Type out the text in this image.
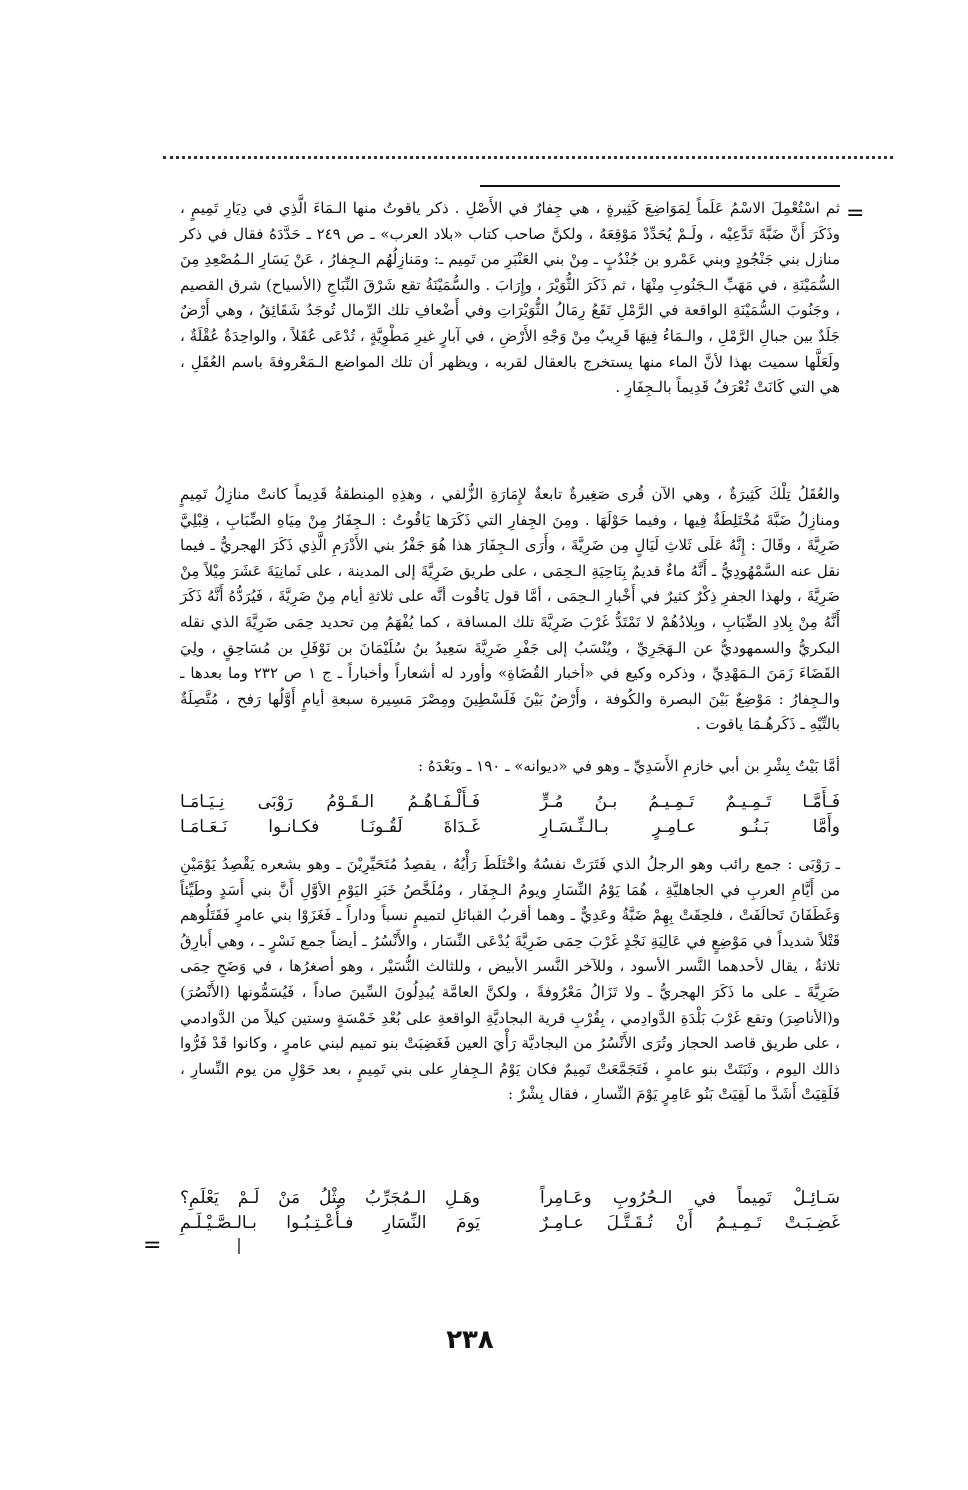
=

ثم اسْتُعْمِلَ الاسْمُ عَلَماً لِمَوَاضِعَ كَثِيرةٍ ، هي جِفارٌ في الأَصْلِ . ذكر ياقوتُ منها الـمَاءَ الَّذِي في دِيَارِ تَمِيمٍ ، وذَكَرَ أَنَّ ضَبَّةَ تَدَّعِيْه ، ولَـمْ يُحَدِّدْ مَوْقِعَهُ ، ولكنَّ صاحب كتاب «بلاد العرب» ـ ص ٢٤٩ ـ حَدَّدَهُ فقال في ذكر منازل بني جَنْجُودٍ وبني عَمْرو بن جُنْدُبٍ ـ مِنْ بني العَنْبَرِ من تَمِيم ـ: ومَنازِلُهُم الـجِفارُ ، عَنْ يَسَارِ الـمُصْعِدِ مِنَ السُّمَيْنَةِ ، في مَهَبِّ الـجَنُوبِ مِنْهَا ، ثم ذَكَرَ الثُّوَيْرَ ، وإِرَابَ . والسُّمَيْنَةُ تقع شَرْقَ النِّبَاجِ (الأسياح) شرق القصيم ، وجَنُوبَ السُّمَيْنَةِ الواقعة في الرَّمْلِ تَقَعُ رِمَالُ الثُّوَيْرَاتِ وفي أَضْعافِ تلك الرِّمال تُوجَدُ شَقَائِقُ ، وهي أَرْضٌ جَلَدٌ بين جبالِ الرَّمْلِ ، والـمَاءُ فِيهَا قَرِيبٌ مِنْ وَجْهِ الأَرْضِ ، في آبارٍ غيرِ مَطْوِيَّةٍ ، تُدْعَى عُقَلاً ، والواحِدَةُ عُقْلَةٌ ، ولَعَلَّها سميت بهذا لأنَّ الماء منها يستخرج بالعقال لقربه ، ويظهر أن تلك المواضع الـمَعْروفةَ باسم العُقَلِ ، هي التي كَانَتْ تُعْرَفُ قَدِيماً بالـجِفَارِ .

والعُقَلُ تِلْكَ كَثِيرَةٌ ، وهي الآن قُرى صَغِيرةٌ تابعةٌ لإِمَارَةِ الزُّلفي ، وهذِهِ المِنطقةُ قَدِيماً كانتْ منازِلُ تَمِيمٍ ومنازِلُ ضَبَّةَ مُخْتَلِطَةٌ فِيها ، وفيما حَوْلَهَا . ومِنَ الجِفارِ التي ذَكَرَها يَاقُوتُ : الـجِفَارُ مِنْ مِيَاهِ الضِّبَابِ ، قِبْلِيَّ ضَرِيَّةَ ، وقَالَ : إِنَّهُ عَلَى ثَلاثِ لَيَالٍ مِن ضَرِيَّةَ ، وأَرَى الـجِفَارَ هذا هُوَ جَفْرُ بني الأَدْرَمِ الَّذِي ذَكَرَ الهجريُّ ـ فيما نقل عنه السَّمْهُودِيُّ ـ أَنَّهُ ماءٌ قديمٌ بِنَاحِيَةِ الـحِمَى ، على طريق ضَرِيَّةَ إلى المدينة ، على ثَمانِيَةَ عَشَرَ مِيْلاً مِنْ ضَرِيَّةَ ، ولهذا الجفرِ ذِكْرٌ كثيرٌ في أَخْبارِ الـحِمَى ، أمَّا قول يَاقُوت أنَّه على ثلاثةِ أيام مِنْ ضَرِيَّةَ ، فَيُرَدُّهُ أَنَّهُ ذَكَرَ أَنَّهُ مِنْ بِلادِ الضِّبَابِ ، وبِلادُهُمْ لا تَمْتَدُّ غَرْبَ ضَرِيَّةَ تلك المسافة ، كما يُفْهَمُ مِن تحديد حِمَى ضَرِيَّةَ الذي نقله البكريُّ والسمهوديُّ عن الـهَجَرِيِّ ، ويُنْسَبُ إلى جَفْرِ ضَرِيَّةَ سَعِيدُ بنُ سُلَيْمَانَ بن نَوْفَلِ بن مُسَاحِقٍ ، ولِيَ القَضَاءَ زَمَنَ الـمَهْدِيِّ ، وذكره وكيع في «أخبار القُضَاةِ» وأورد له أشعاراً وأخباراً ـ ج ١ ص ٢٣٢ وما بعدها ـ والـجِفارُ : مَوْضِعٌ بَيْنَ البصرة والكُوفة ، وأَرْضٌ بَيْنَ فَلَسْطِينَ ومِصْرَ مَسِيرة سبعةِ أيامٍ أَوَّلُها رَفح ، مُتَّصِلَةٌ بالتِّيْهِ ـ ذَكَرهُـمَا ياقوت .

أمَّا بَيْتُ بِشْرِ بن أبي خازمِ الأَسَدِيِّ ـ وهو في «ديوانه» ـ ١٩٠ ـ وبَعْدَهُ :

فَـأَمَّـا تَـمِـيـمٌ تَـمِـيـمُ بـنُ مُـرٍّ
فَـأَلْـفَـاهُـمُ الـقَـوْمُ رَوْبَى نِـيَـامَـا
وأَمَّا بَـنُـو عـامِـرٍ بـالـنِّـسَـارِ
غَـدَاةَ لَقُـونَـا فكـانـوا نَـعَـامَـا

ـ رَوْبَى : جمع رائب وهو الرجلُ الذي فَتَرَتْ نفسُهُ واخْتَلَطَ رَأْيُهُ ، يقصِدُ مُتَحَيِّرِيْنَ ـ وهو بشعره يَقْصِدُ يَوْمَيْنِ من أَيَّامِ العربِ في الجاهليَّةِ ، هُمَا يَوْمُ النِّسَارِ ويومُ الـجِفَار ، ومُلَخَّصُ خَبَرِ اليَوْمِ الأوَّلِ أَنَّ بني أَسَدٍ وطَيِّئاً وَغَطَفَانَ تَحالَفَتْ ، فلحِقَتْ بِهِمْ ضَبَّةُ وعَدِيٌّ ـ وهما أقربُ القبائلِ لتميمٍ نسباً وداراً ـ فَغَزَوْا بني عامرٍ فَقَتَلُوهم قَتْلاً شديداً في مَوْضِعٍ في عَالِيَةِ نَجْدٍ غَرْبَ حِمَى ضَرِيَّةَ يُدْعَى النِّسَار ، والأَنْسُرُ ـ أيضاً جمع نَسْرٍ ـ ، وهي أَبارِقُ ثلاثةٌ ، يقال لأحدهما النَّسر الأسود ، وللآخر النَّسر الأبيض ، وللثالث النُّسَيْر ، وهو أصغرُها ، في وَضَحِ حِمَى ضَرِيَّةَ ـ على ما ذَكَرَ الهجريُّ ـ ولا تَزَالُ مَعْرُوفةً ، ولكنَّ العامَّة يُبدِلُونَ السِّينَ صاداً ، فَيُسَمُّونها (الأَنْصُرَ) و(الأناصِرَ) وتقع غَرْبَ بَلْدَةِ الدَّوادِمي ، بِقُرْبِ قرية البجاديَّةِ الواقعةِ على بُعْدِ خَمْسَةٍ وستين كيلاً من الدَّوادمي ، على طريق قاصد الحجاز وتُرَى الأَنْسُرُ من البجاديَّة رَأْيَ العين فَغَضِبَتْ بنو تميم لبني عامرٍ ، وكانوا قَدْ فَرُّوا ذالك اليوم ، وثَبَتَتْ بنو عامرٍ ، فَتَجَمَّعَتْ تَمِيمٌ فكان يَوْمُ الـجِفارِ على بني تَمِيمٍ ، بعد حَوْلٍ من يوم النِّسارِ ، فَلَقِيَتْ أَشَدَّ ما لَقِيَتْ بَنُو عَامِرٍ يَوْمَ النِّسارِ ، فقال بِشْرٌ :

سَـائِـلْ تَمِيماً في الـحُرُوبِ وعَـامِراً
وهَـلِ الـمُجَرِّبُ مِثْلُ مَنْ لَـمْ يَعْلَمِ؟
غَضِـبَـتْ تَـمِـيـمُ أَنْ تُـقَـتَّـلَ عـامِـرٌ
يَومَ النِّسَارِ فـأُعْـتِـبُـوا بـالـصَّـيْـلَـمِ
=
٢٣٨
